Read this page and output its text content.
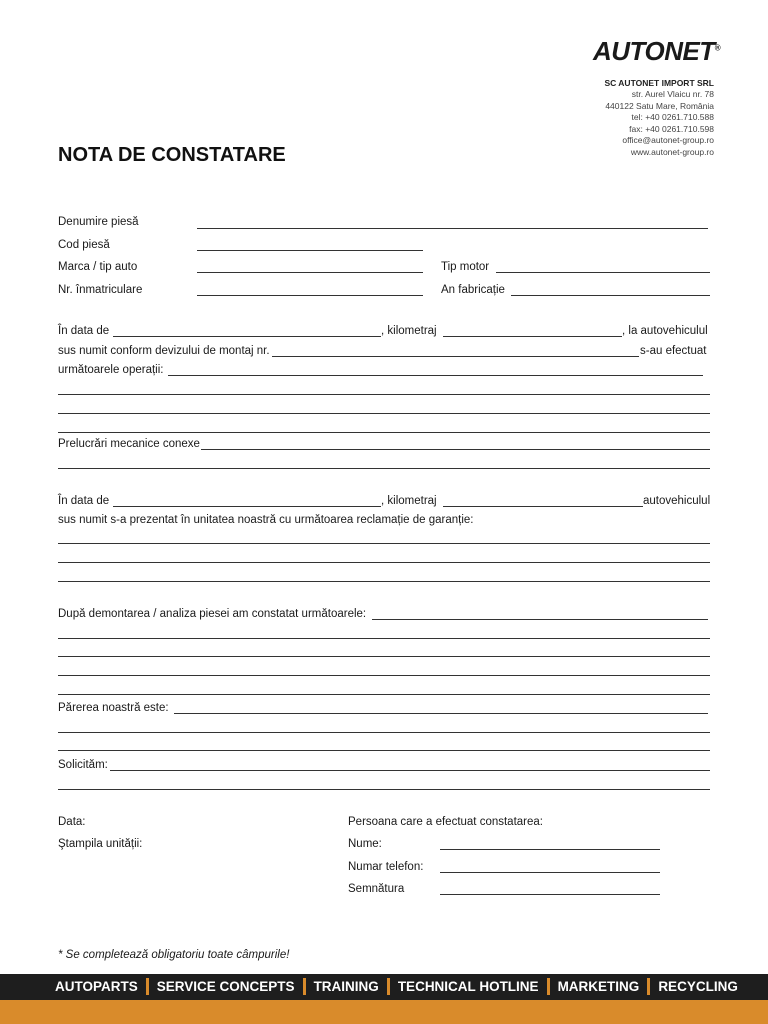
AUTONET®
SC AUTONET IMPORT SRL
str. Aurel Vlaicu nr. 78
440122 Satu Mare, România
tel: +40 0261.710.588
fax: +40 0261.710.598
office@autonet-group.ro
www.autonet-group.ro
NOTA DE CONSTATARE
Denumire piesă
Cod piesă
Marca / tip auto	Tip motor
Nr. înmatriculare	An fabricație
În data de	, kilometraj	, la autovehiculul
sus numit conform devizului de montaj nr.	s-au efectuat
următoarele operații:
Prelucrări mecanice conexe
În data de	, kilometraj	autovehiculul
sus numit s-a prezentat în unitatea noastră cu următoarea reclamație de garanție:
După demontarea / analiza piesei am constatat următoarele:
Părerea noastră este:
Solicităm:
Data:
Ştampila unității:
Persoana care a efectuat constatarea:
Nume:
Numar telefon:
Semnătura
* Se completează obligatoriu toate câmpurile!
AUTOPARTS SERVICE CONCEPTS TRAINING TECHNICAL HOTLINE MARKETING RECYCLING
